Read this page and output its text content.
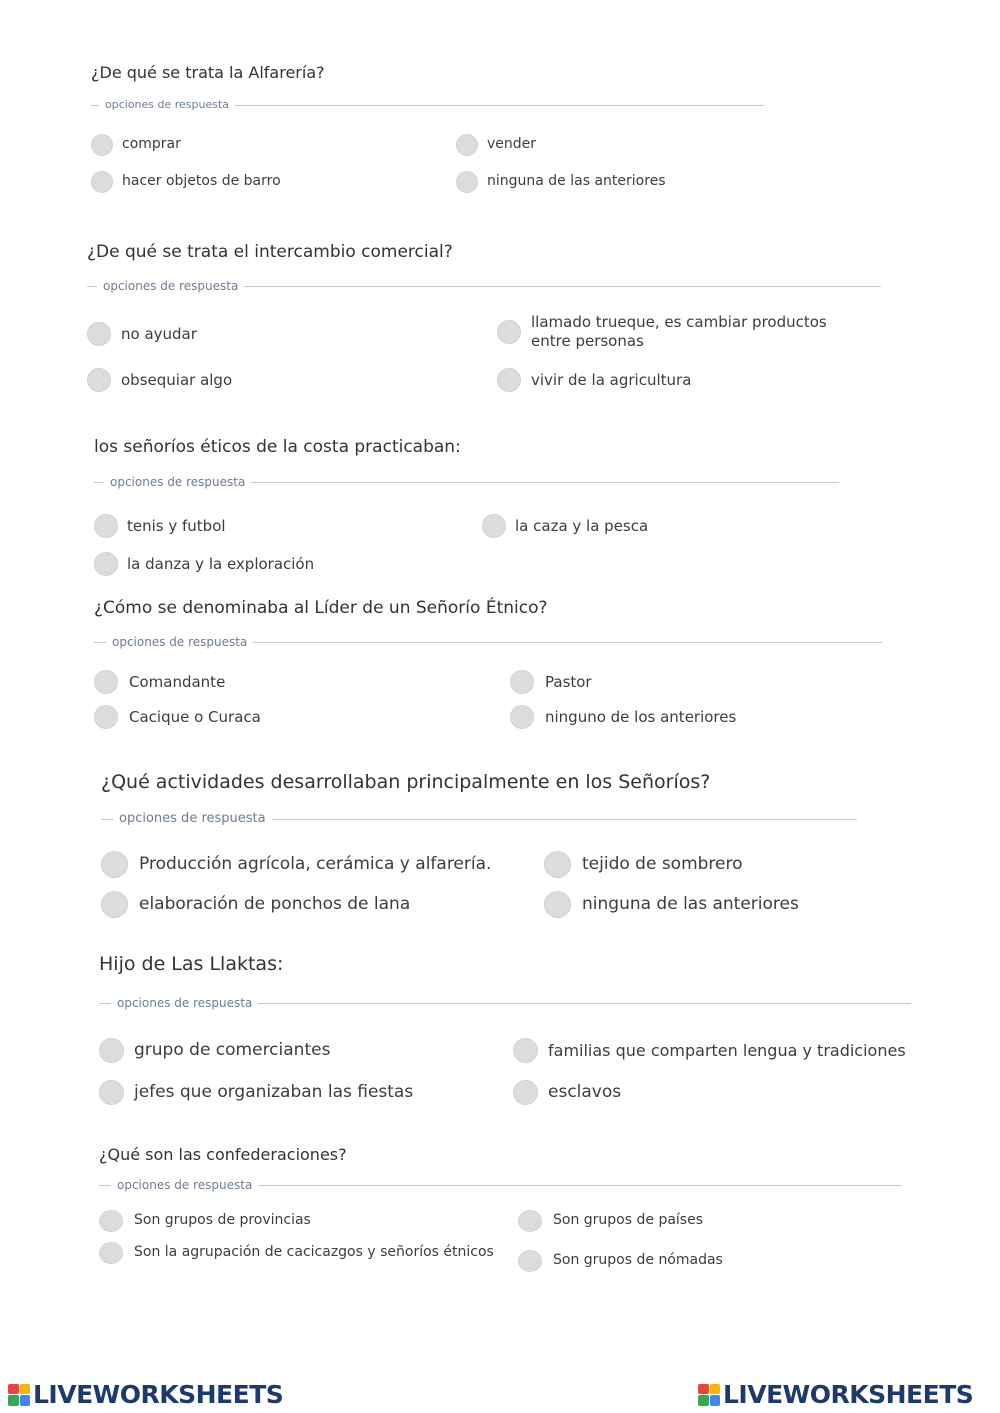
¿De qué se trata la Alfarería?
opciones de respuesta
comprar	vender
hacer objetos de barro	ninguna de las anteriores
¿De qué se trata el intercambio comercial?
opciones de respuesta
no ayudar
llamado trueque, es cambiar productos entre personas
obsequiar algo	vivir de la agricultura
los señoríos éticos de la costa practicaban:
opciones de respuesta
tenis y futbol	la caza y la pesca
la danza y la exploración
¿Cómo se denominaba al Líder de un Señorío Étnico?
opciones de respuesta
Comandante	Pastor
Cacique o Curaca	ninguno de los anteriores
¿Qué actividades desarrollaban principalmente en los Señoríos?
opciones de respuesta
Producción agrícola, cerámica y alfarería.	tejido de sombrero
elaboración de ponchos de lana	ninguna de las anteriores
Hijo de Las Llaktas:
opciones de respuesta
grupo de comerciantes	familias que comparten lengua y tradiciones
jefes que organizaban las fiestas	esclavos
¿Qué son las confederaciones?
opciones de respuesta
Son grupos de provincias	Son grupos de países
Son la agrupación de cacicazgos y señoríos étnicos	Son grupos de nómadas
LIVEWORKSHEETS	LIVEWORKSHEETS
